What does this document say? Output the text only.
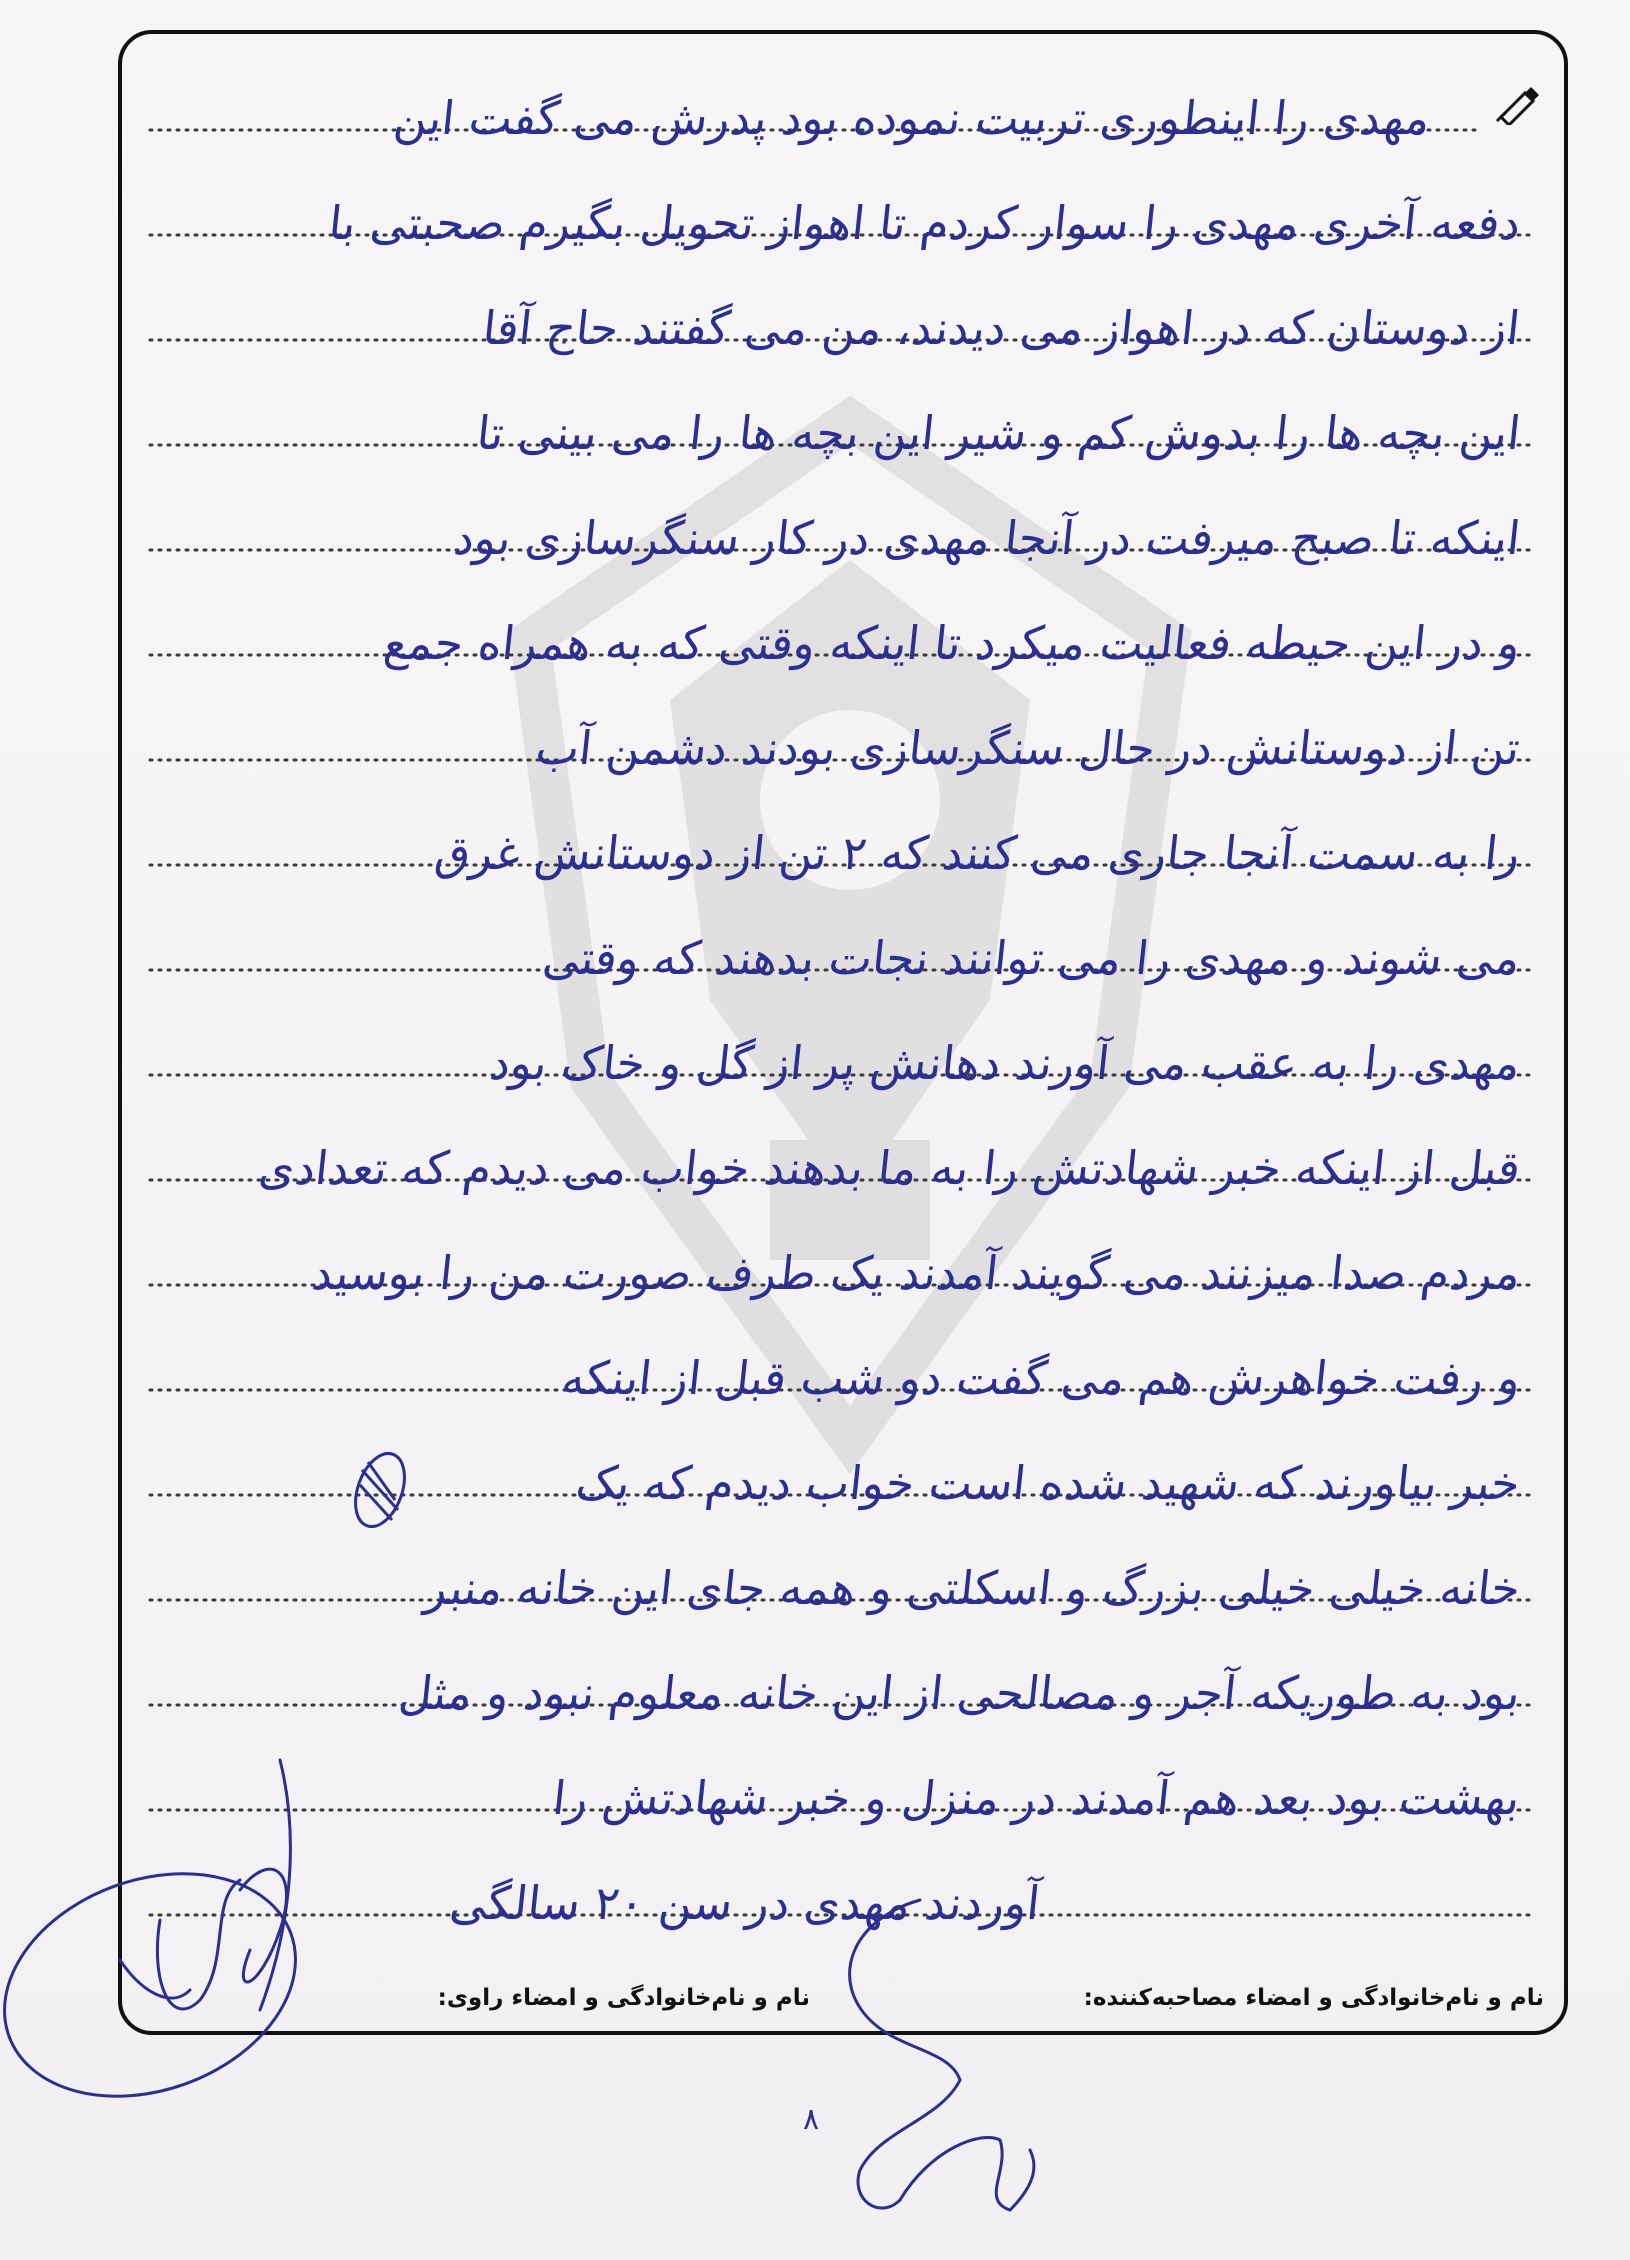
مهدی را اینطوری تربیت نموده بود پدرش می گفت این
دفعه آخری مهدی را سوار کردم تا اهواز تحویل بگیرم صحبتی با
از دوستان که در اهواز می دیدند، من می گفتند حاج آقا
این بچه ها را بدوش کم و شیر این بچه ها را می بینی تا
اینکه تا صبح میرفت در آنجا مهدی در کار سنگرسازی بود
و در این حیطه فعالیت میکرد تا اینکه وقتی که به همراه جمع
تن از دوستانش در حال سنگرسازی بودند دشمن آب
را به سمت آنجا جاری می کنند که ۲ تن از دوستانش غرق
می شوند و مهدی را می توانند نجات بدهند که وقتی
مهدی را به عقب می آورند دهانش پر از گل و خاک بود
قبل از اینکه خبر شهادتش را به ما بدهند خواب می دیدم که تعدادی
مردم صدا میزنند می گویند آمدند یک طرف صورت من را بوسید
و رفت خواهرش هم می گفت دو شب قبل از اینکه
خبر بیاورند که شهید شده است خواب دیدم که یک
خانه خیلی خیلی بزرگ و اسکلتی و همه جای این خانه منبر
بود به طوریکه آجر و مصالحی از این خانه معلوم نبود و مثل
بهشت بود بعد هم آمدند در منزل و خبر شهادتش را
آوردند مهدی در سن ۲۰ سالگی
نام و نام‌خانوادگی و امضاء مصاحبه‌کننده:
نام و نام‌خانوادگی و امضاء راوی:
۸
